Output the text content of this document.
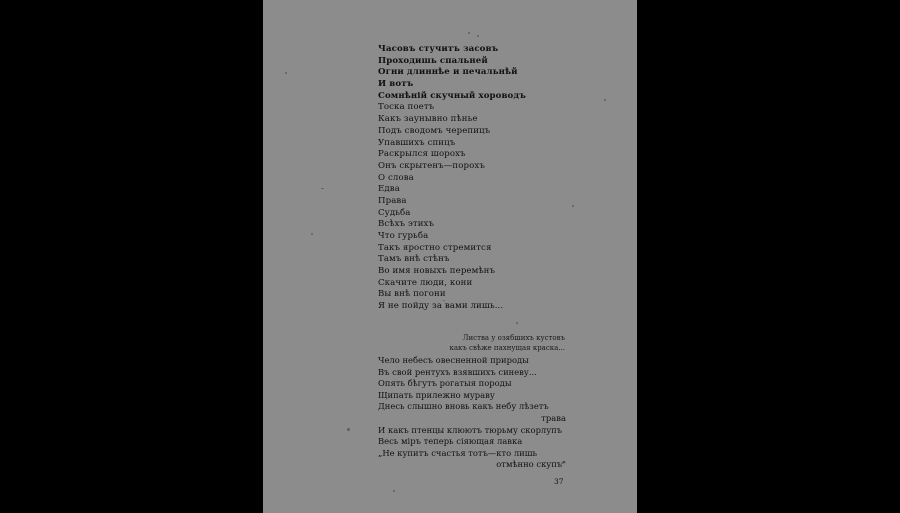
Часовъ стучитъ засовъ
Проходишь спальней
Огни длиннѣе и печальнѣй
И вотъ
Сомнѣній скучный хороводъ
Тоска поетъ
Какъ заунывно пѣнье
Подъ сводомъ черепицъ
Упавшихъ спицъ
Раскрылся шорохъ
Онъ скрытенъ—порохъ
О слова
Едва
Права
Судьба
Всѣхъ этихъ
Что гурьба
Такъ яростно стремится
Тамъ внѣ стѣнъ
Во имя новыхъ перемѣнъ
Скачите люди, кони
Вы внѣ погони
Я не пойду за вами лишь...
Листва у озябшихъ кустовъ
какъ свѣже пахнущая краска...
Чело небесъ овесненной природы
Въ свой рентухъ взявшихъ синеву...
Опять бѣгутъ рогатыя породы
Щипать прилежно мураву
Днесь слышно вновь какъ небу лѣзетъ
трава
И какъ птенцы клюютъ тюрьму скорлупъ
Весь міръ теперь сіяющая лавка
„Не купитъ счастья тотъ—кто лишь
отмѣнно скупъ"
37
